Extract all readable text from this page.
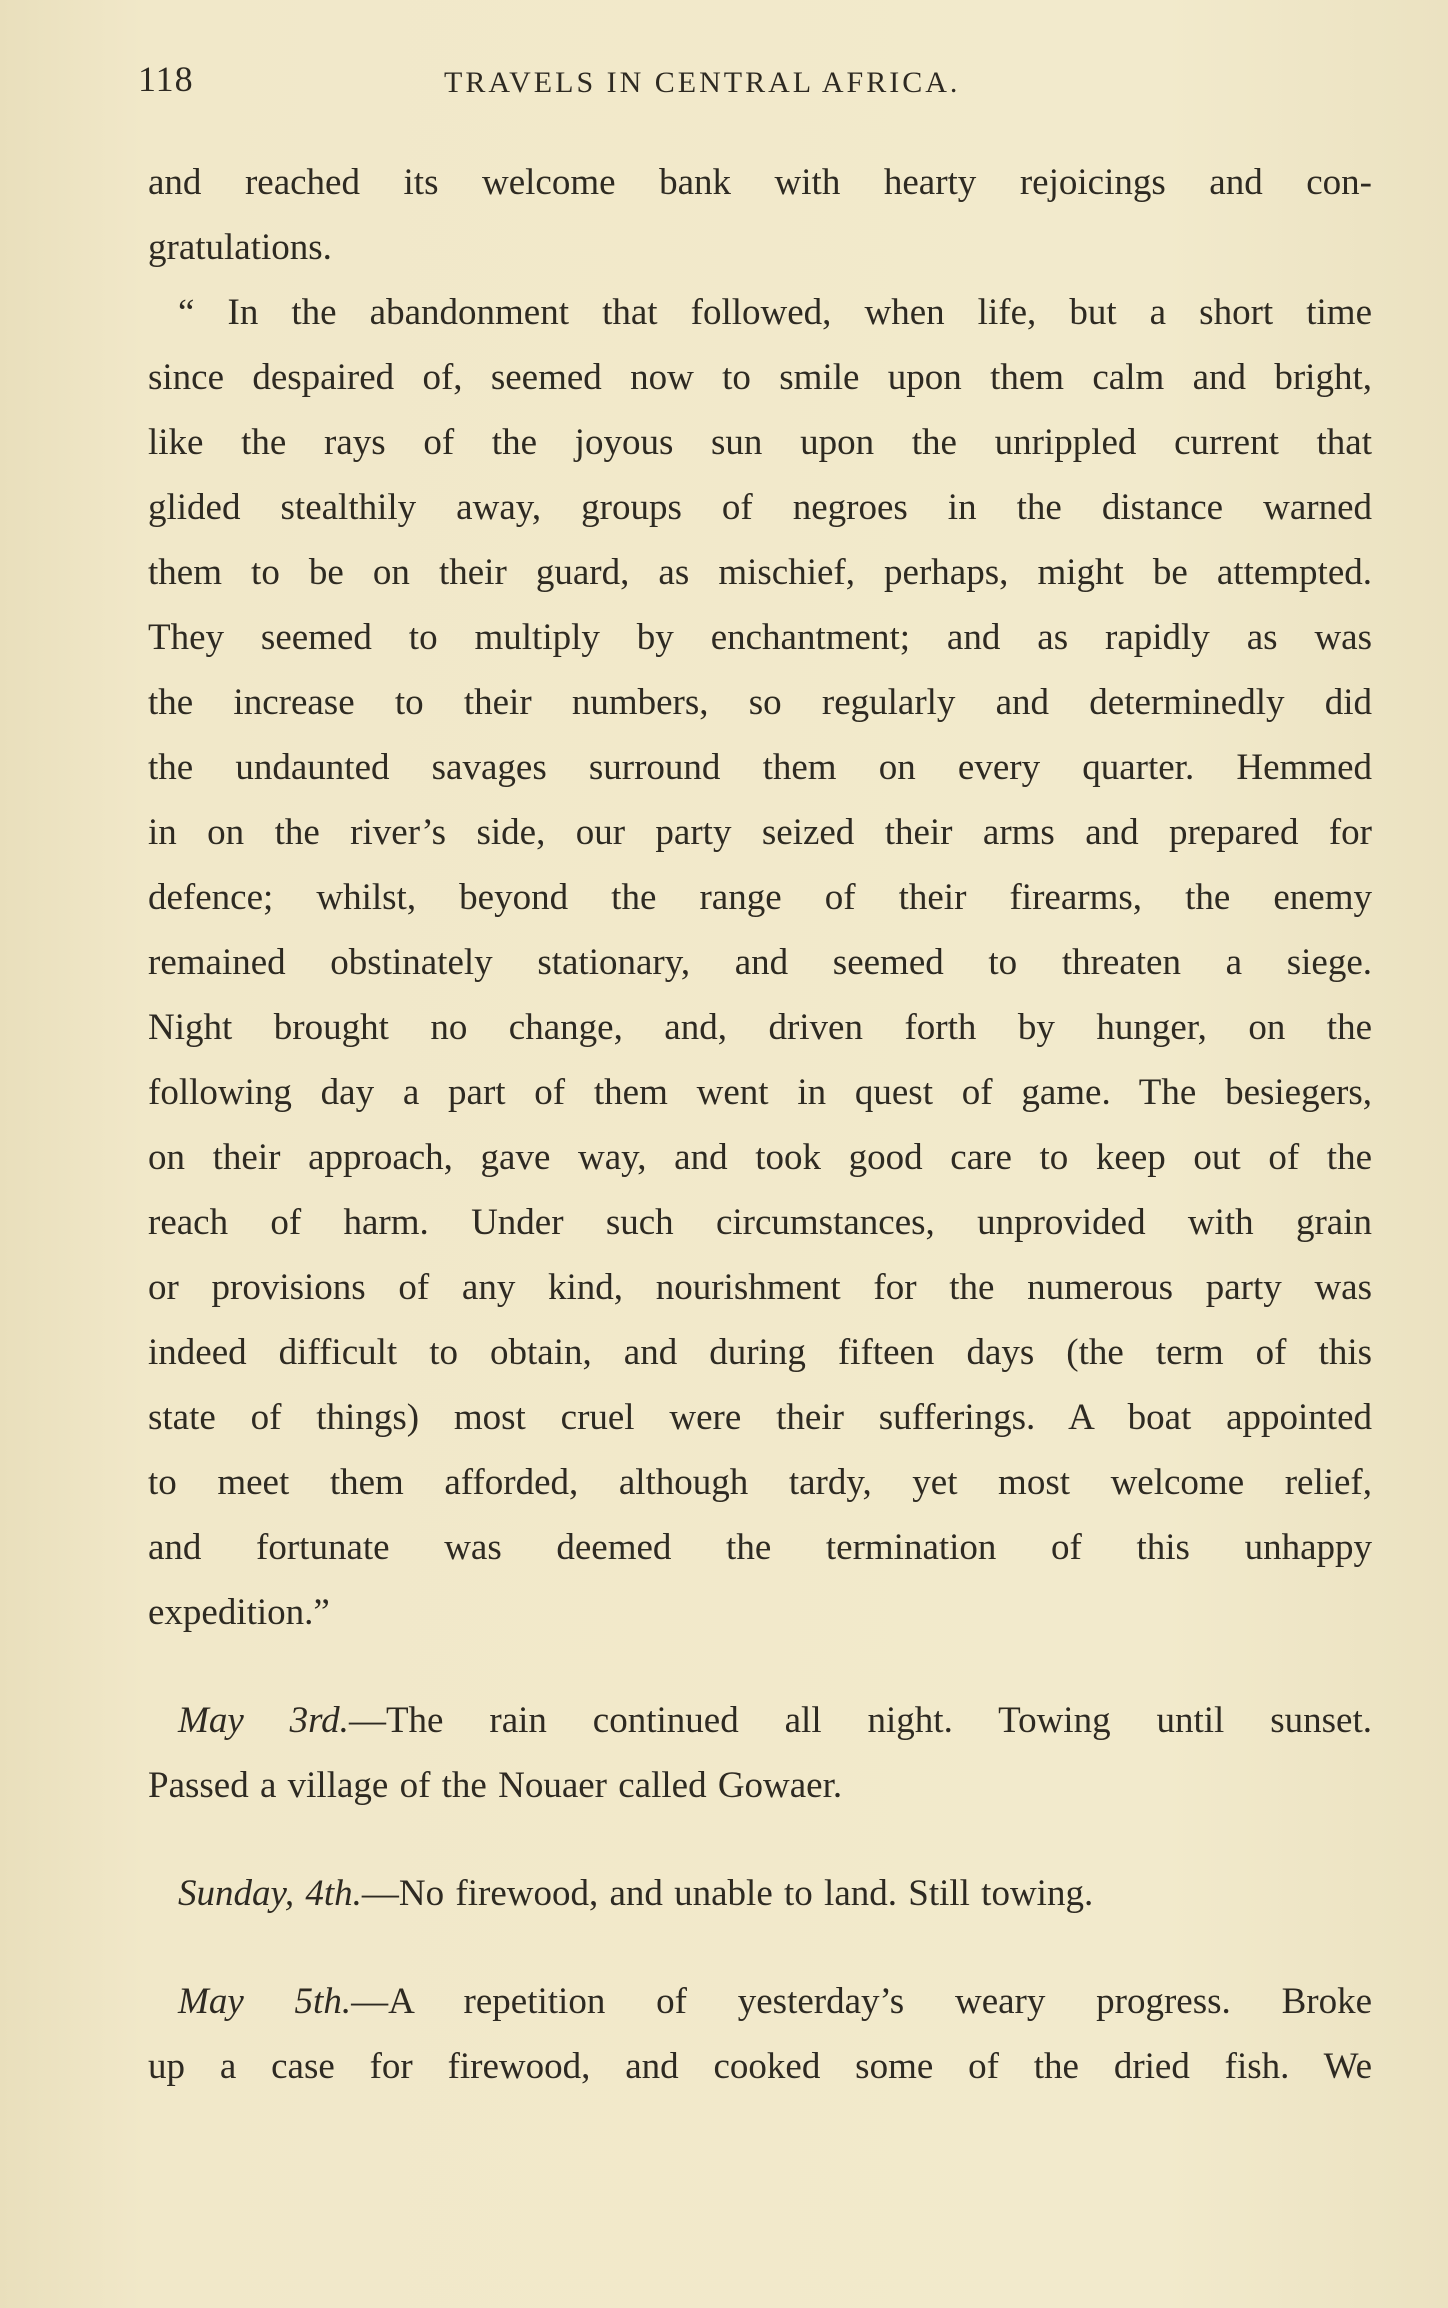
118	TRAVELS IN CENTRAL AFRICA.
and reached its welcome bank with hearty rejoicings and con-
gratulations.
“ In the abandonment that followed, when life, but a short time
since despaired of, seemed now to smile upon them calm and bright,
like the rays of the joyous sun upon the unrippled current that
glided stealthily away, groups of negroes in the distance warned
them to be on their guard, as mischief, perhaps, might be attempted.
They seemed to multiply by enchantment; and as rapidly as was
the increase to their numbers, so regularly and determinedly did
the undaunted savages surround them on every quarter. Hemmed
in on the river’s side, our party seized their arms and prepared for
defence; whilst, beyond the range of their firearms, the enemy
remained obstinately stationary, and seemed to threaten a siege.
Night brought no change, and, driven forth by hunger, on the
following day a part of them went in quest of game. The besiegers,
on their approach, gave way, and took good care to keep out of the
reach of harm. Under such circumstances, unprovided with grain
or provisions of any kind, nourishment for the numerous party was
indeed difficult to obtain, and during fifteen days (the term of this
state of things) most cruel were their sufferings. A boat appointed
to meet them afforded, although tardy, yet most welcome relief,
and fortunate was deemed the termination of this unhappy
expedition.”
May 3rd.—The rain continued all night. Towing until sunset.
Passed a village of the Nouaer called Gowaer.
Sunday, 4th.—No firewood, and unable to land. Still towing.
May 5th.—A repetition of yesterday’s weary progress. Broke
up a case for firewood, and cooked some of the dried fish. We
